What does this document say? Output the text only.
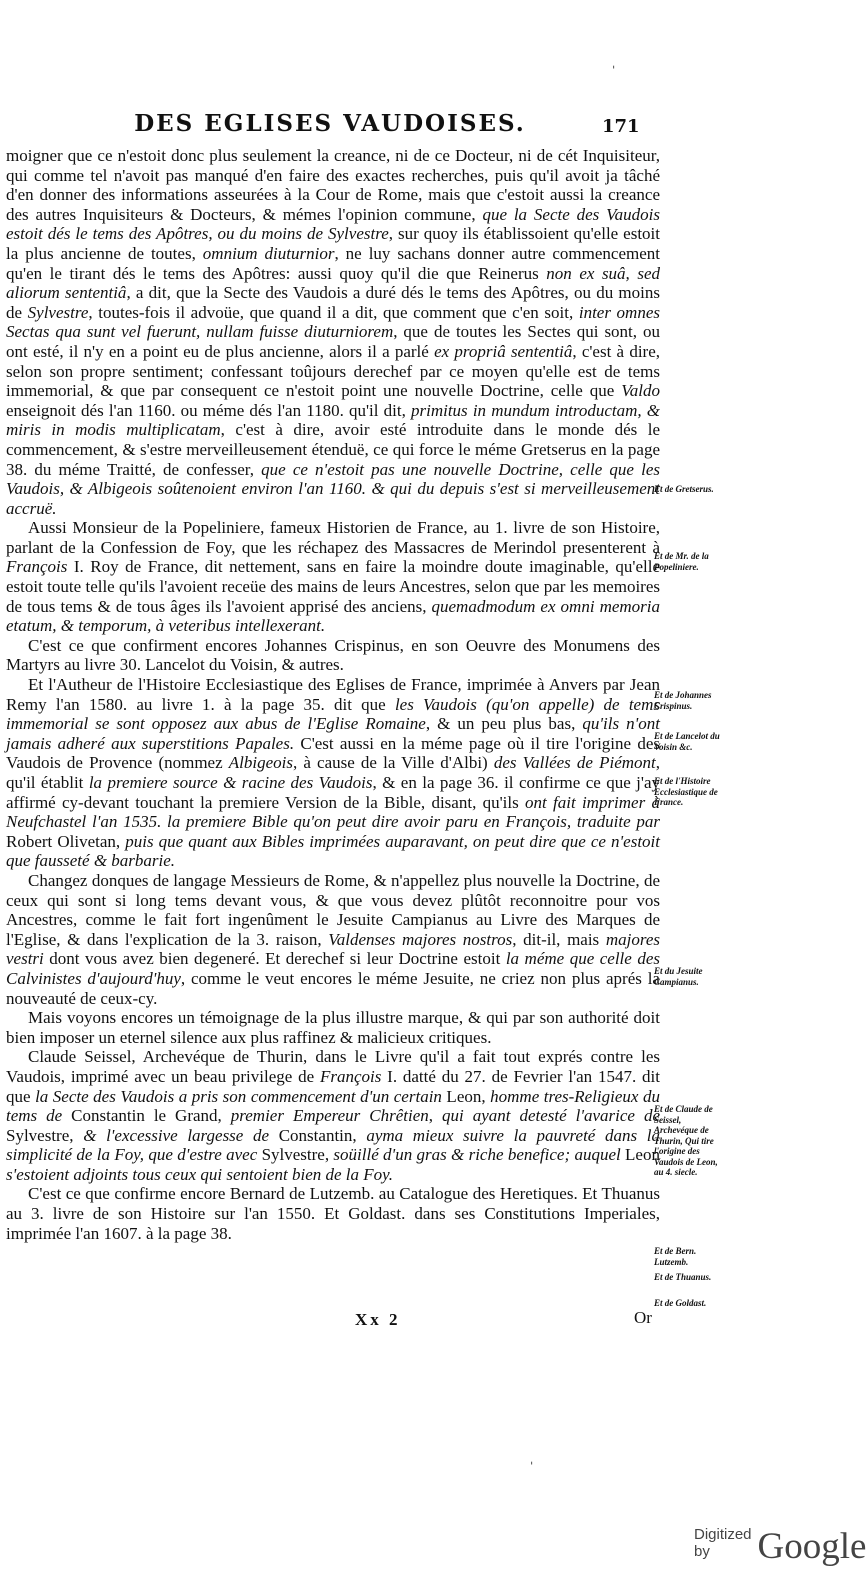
DES EGLISES VAUDOISES.	171

moigner que ce n'estoit donc plus seulement la creance, ni de ce Docteur, ni de cét Inquisiteur, qui comme tel n'avoit pas manqué d'en faire des exactes recherches, puis qu'il avoit ja tâché d'en donner des informations asseurées à la Cour de Rome, mais que c'estoit aussi la creance des autres Inquisiteurs & Docteurs, & mémes l'opinion commune, que la Secte des Vaudois estoit dés le tems des Apôtres, ou du moins de Sylvestre, sur quoy ils établissoient qu'elle estoit la plus ancienne de toutes, omnium diuturnior, ne luy sachans donner autre commencement qu'en le tirant dés le tems des Apôtres: aussi quoy qu'il die que Reinerus non ex suâ, sed aliorum sententiâ, a dit, que la Secte des Vaudois a duré dés le tems des Apôtres, ou du moins de Sylvestre, toutes-fois il advoüe, que quand il a dit, que comment que c'en soit, inter omnes Sectas qua sunt vel fuerunt, nullam fuisse diuturniorem, que de toutes les Sectes qui sont, ou ont esté, il n'y en a point eu de plus ancienne, alors il a parlé ex propriâ sententiâ, c'est à dire, selon son propre sentiment; confessant toûjours derechef par ce moyen qu'elle est de tems immemorial, & que par consequent ce n'estoit point une nouvelle Doctrine, celle que Valdo enseignoit dés l'an 1160. ou méme dés l'an 1180. qu'il dit, primitus in mundum introductam, & miris in modis multiplicatam, c'est à dire, avoir esté introduite dans le monde dés le commencement, & s'estre merveilleusement étenduë, ce qui force le méme Gretserus en la page 38. du méme Traitté, de confesser, que ce n'estoit pas une nouvelle Doctrine, celle que les Vaudois, & Albigeois soûtenoient environ l'an 1160. & qui du depuis s'est si merveilleusement accruë.

Aussi Monsieur de la Popeliniere, fameux Historien de France, au 1. livre de son Histoire, parlant de la Confession de Foy, que les réchapez des Massacres de Merindol presenterent à François I. Roy de France, dit nettement, sans en faire la moindre doute imaginable, qu'elle estoit toute telle qu'ils l'avoient receüe des mains de leurs Ancestres, selon que par les memoires de tous tems & de tous âges ils l'avoient apprisé des anciens, quemadmodum ex omni memoria etatum, & temporum, à veteribus intellexerant.

C'est ce que confirment encores Johannes Crispinus, en son Oeuvre des Monumens des Martyrs au livre 30. Lancelot du Voisin, & autres.

Et l'Autheur de l'Histoire Ecclesiastique des Eglises de France, imprimée à Anvers par Jean Remy l'an 1580. au livre 1. à la page 35. dit que les Vaudois (qu'on appelle) de tems immemorial se sont opposez aux abus de l'Eglise Romaine, & un peu plus bas, qu'ils n'ont jamais adheré aux superstitions Papales. C'est aussi en la méme page où il tire l'origine des Vaudois de Provence (nommez Albigeois, à cause de la Ville d'Albi) des Vallées de Piémont, qu'il établit la premiere source & racine des Vaudois, & en la page 36. il confirme ce que j'ay affirmé cy-devant touchant la premiere Version de la Bible, disant, qu'ils ont fait imprimer à Neufchastel l'an 1535. la premiere Bible qu'on peut dire avoir paru en François, traduite par Robert Olivetan, puis que quant aux Bibles imprimées auparavant, on peut dire que ce n'estoit que fausseté & barbarie.

Changez donques de langage Messieurs de Rome, & n'appellez plus nouvelle la Doctrine, de ceux qui sont si long tems devant vous, & que vous devez plûtôt reconnoitre pour vos Ancestres, comme le fait fort ingenûment le Jesuite Campianus au Livre des Marques de l'Eglise, & dans l'explication de la 3. raison, Valdenses majores nostros, dit-il, mais majores vestri dont vous avez bien degeneré. Et derechef si leur Doctrine estoit la méme que celle des Calvinistes d'aujourd'huy, comme le veut encores le méme Jesuite, ne criez non plus aprés la nouveauté de ceux-cy.

Mais voyons encores un témoignage de la plus illustre marque, & qui par son authorité doit bien imposer un eternel silence aux plus raffinez & malicieux critiques.

Claude Seissel, Archevéque de Thurin, dans le Livre qu'il a fait tout exprés contre les Vaudois, imprimé avec un beau privilege de François I. datté du 27. de Fevrier l'an 1547. dit que la Secte des Vaudois a pris son commencement d'un certain Leon, homme tres-Religieux du tems de Constantin le Grand, premier Empereur Chrêtien, qui ayant detesté l'avarice de Sylvestre, & l'excessive largesse de Constantin, ayma mieux suivre la pauvreté dans la simplicité de la Foy, que d'estre avec Sylvestre, soüillé d'un gras & riche benefice; auquel Leon s'estoient adjoints tous ceux qui sentoient bien de la Foy.

C'est ce que confirme encore Bernard de Lutzemb. au Catalogue des Heretiques. Et Thuanus au 3. livre de son Histoire sur l'an 1550. Et Goldast. dans ses Constitutions Imperiales, imprimée l'an 1607. à la page 38.

Et de Gretserus.
Et de Mr. de la Popeliniere.
Et de Johannes Crispinus.
Et de Lancelot du Voisin &c.
Et de l'Histoire Ecclesiastique de France.
Et du Jesuite Campianus.
Et de Claude de Seissel, Archevéque de Thurin, Qui tire l'origine des Vaudois de Leon, au 4. siecle.
Et de Bern. Lutzemb.
Et de Thuanus.
Et de Goldast.
Xx 2	Or
ˈ
ˌ
Digitized by	Google
